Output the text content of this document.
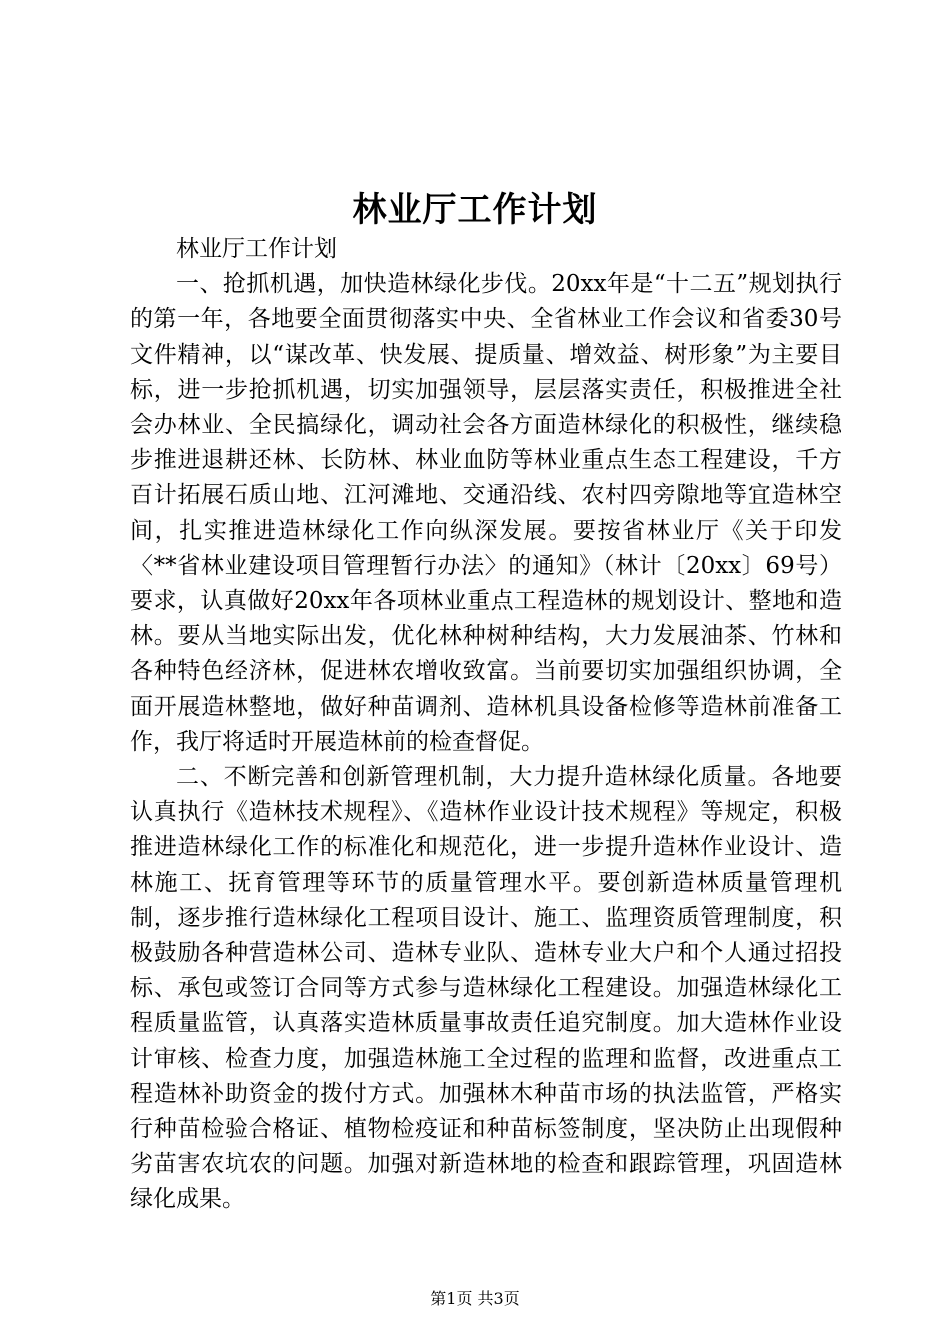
林业厅工作计划
林业厅工作计划

一、抢抓机遇，加快造林绿化步伐。20xx年是“十二五”规划执行的第一年，各地要全面贯彻落实中央、全省林业工作会议和省委30号文件精神，以“谋改革、快发展、提质量、增效益、树形象”为主要目标，进一步抢抓机遇，切实加强领导，层层落实责任，积极推进全社会办林业、全民搞绿化，调动社会各方面造林绿化的积极性，继续稳步推进退耕还林、长防林、林业血防等林业重点生态工程建设，千方百计拓展石质山地、江河滩地、交通沿线、农村四旁隙地等宜造林空间，扎实推进造林绿化工作向纵深发展。要按省林业厅《关于印发〈**省林业建设项目管理暂行办法〉的通知》（林计〔20xx〕69号）要求，认真做好20xx年各项林业重点工程造林的规划设计、整地和造林。要从当地实际出发，优化林种树种结构，大力发展油茶、竹林和各种特色经济林，促进林农增收致富。当前要切实加强组织协调，全面开展造林整地，做好种苗调剂、造林机具设备检修等造林前准备工作，我厅将适时开展造林前的检查督促。

二、不断完善和创新管理机制，大力提升造林绿化质量。各地要认真执行《造林技术规程》、《造林作业设计技术规程》等规定，积极推进造林绿化工作的标准化和规范化，进一步提升造林作业设计、造林施工、抚育管理等环节的质量管理水平。要创新造林质量管理机制，逐步推行造林绿化工程项目设计、施工、监理资质管理制度，积极鼓励各种营造林公司、造林专业队、造林专业大户和个人通过招投标、承包或签订合同等方式参与造林绿化工程建设。加强造林绿化工程质量监管，认真落实造林质量事故责任追究制度。加大造林作业设计审核、检查力度，加强造林施工全过程的监理和监督，改进重点工程造林补助资金的拨付方式。加强林木种苗市场的执法监管，严格实行种苗检验合格证、植物检疫证和种苗标签制度，坚决防止出现假种劣苗害农坑农的问题。加强对新造林地的检查和跟踪管理，巩固造林绿化成果。

第1页 共3页
